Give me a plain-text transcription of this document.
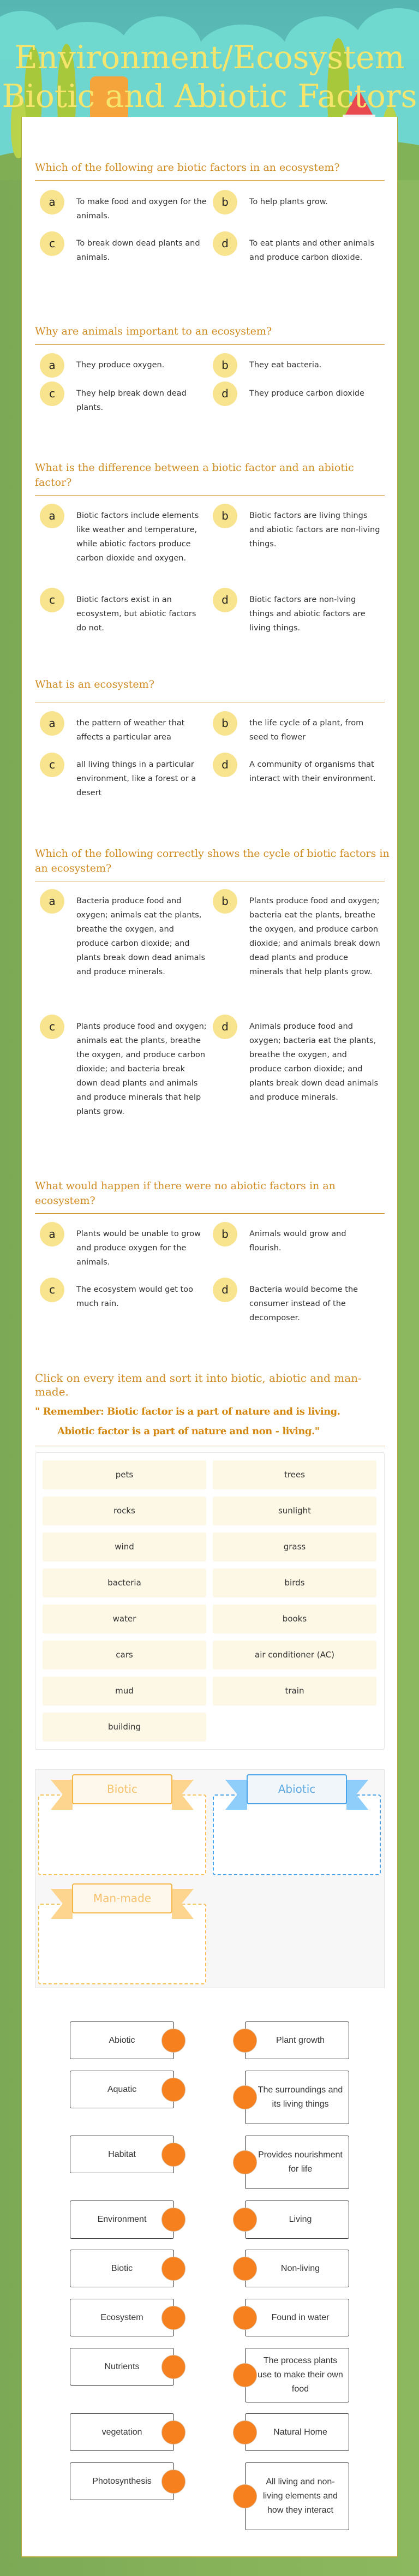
Environment/Ecosystem
Biotic and Abiotic Factors
Which of the following are biotic factors in an ecosystem?
a	To make food and oxygen for the animals.
b	To help plants grow.
c	To break down dead plants and animals.
d	To eat plants and other animals and produce carbon dioxide.
Why are animals important to an ecosystem?
a	They produce oxygen.	b	They eat bacteria.
c	They help break down dead plants.
d	They produce carbon dioxide
What is the difference between a biotic factor and an abiotic factor?
a	Biotic factors include elements like weather and temperature, while abiotic factors produce carbon dioxide and oxygen.
b	Biotic factors are living things and abiotic factors are non-living things.
c	Biotic factors exist in an ecosystem, but abiotic factors do not.
d	Biotic factors are non-lving things and abiotic factors are living things.
What is an ecosystem?
a	the pattern of weather that affects a particular area
b	the life cycle of a plant, from seed to flower
c	all living things in a particular environment, like a forest or a desert
d	A community of organisms that interact with their environment.
Which of the following correctly shows the cycle of biotic factors in an ecosystem?
a	Bacteria produce food and oxygen; animals eat the plants, breathe the oxygen, and produce carbon dioxide; and plants break down dead animals and produce minerals.
b	Plants produce food and oxygen; bacteria eat the plants, breathe the oxygen, and produce carbon dioxide; and animals break down dead plants and produce minerals that help plants grow.
c	Plants produce food and oxygen; animals eat the plants, breathe the oxygen, and produce carbon dioxide; and bacteria break down dead plants and animals and produce minerals that help plants grow.
d	Animals produce food and oxygen; bacteria eat the plants, breathe the oxygen, and produce carbon dioxide; and plants break down dead animals and produce minerals.
What would happen if there were no abiotic factors in an ecosystem?
a	Plants would be unable to grow and produce oxygen for the animals.
b	Animals would grow and flourish.
c	The ecosystem would get too much rain.
d	Bacteria would become the consumer instead of the decomposer.
Click on every item and sort it into biotic, abiotic and man-made.
" Remember: Biotic factor is a part of nature and is living.
Abiotic factor is a part of nature and non - living."
pets	trees
rocks	sunlight
wind	grass
bacteria	birds
water	books
cars	air conditioner (AC)
mud	train
building
Biotic	Abiotic
Man-made
Abiotic	Plant growth
Aquatic	The surroundings and its living things
Habitat	Provides nourishment for life
Environment	Living
Biotic	Non-living
Ecosystem	Found in water
Nutrients
The process plants use to make their own food
vegetation	Natural Home
Photosynthesis	All living and non-living elements and how they interact
